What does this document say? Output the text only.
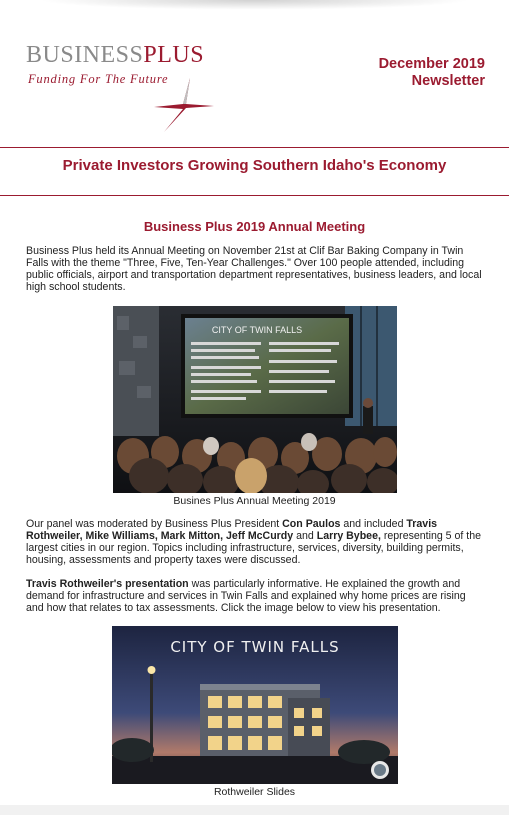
BUSINESSPLUS
Funding For The Future
December 2019
Newsletter
Private Investors Growing Southern Idaho's Economy
Business Plus 2019 Annual Meeting
Business Plus held its Annual Meeting on November 21st at Clif Bar Baking Company in Twin Falls with the theme "Three, Five, Ten-Year Challenges." Over 100 people attended, including public officials, airport and transportation department representatives, business leaders, and local high school students.
CITY OF TWIN FALLS
Busines Plus Annual Meeting 2019
Our panel was moderated by Business Plus President Con Paulos and included Travis Rothweiler, Mike Williams, Mark Mitton, Jeff McCurdy and Larry Bybee, representing 5 of the largest cities in our region. Topics including infrastructure, services, diversity, building permits, housing, assessments and property taxes were discussed.
Travis Rothweiler's presentation was particularly informative. He explained the growth and demand for infrastructure and services in Twin Falls and explained why home prices are rising and how that relates to tax assessments. Click the image below to view his presentation.
CITY OF TWIN FALLS
Rothweiler Slides
